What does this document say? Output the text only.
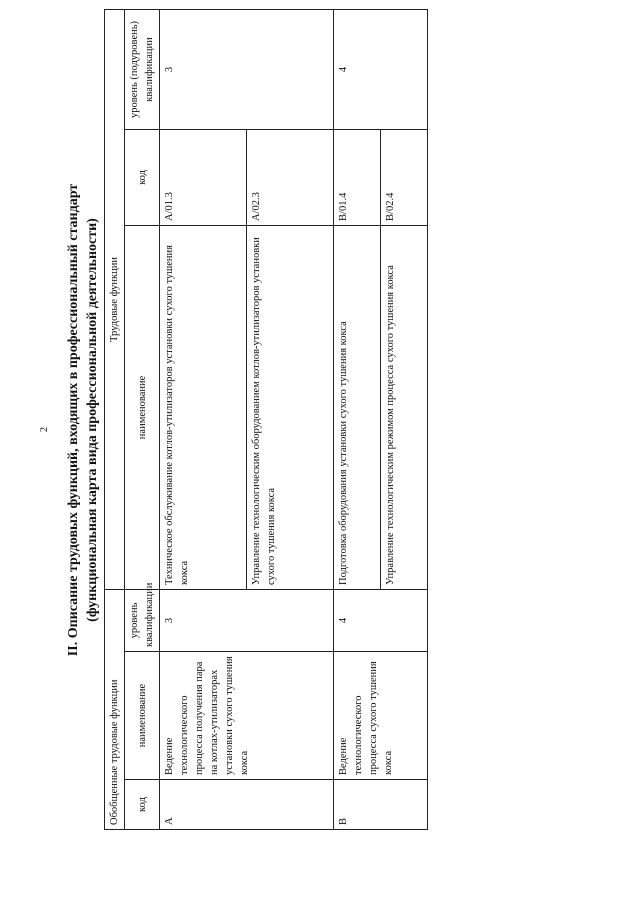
2 II. Описание трудовых функций, входящих в профессиональный стандарт (функциональная карта вида профессиональной деятельности)
Обобщенные трудовые функции			Трудовые функции		
код	наименование	уровень квалификации	наименование	код	уровень (подуровень) квалификации
A	Ведение технологического процесса получения пара на котлах-утилизаторах установки сухого тушения кокса	3	Техническое обслуживание котлов-утилизаторов установки сухого тушения кокса	A/01.3	3
			Управление технологическим оборудованием котлов-утилизаторов установки сухого тушения кокса	A/02.3	
B	Ведение технологического процесса сухого тушения кокса	4	Подготовка оборудования установки сухого тушения кокса	B/01.4	4
			Управление технологическим режимом процесса сухого тушения кокса	B/02.4	
